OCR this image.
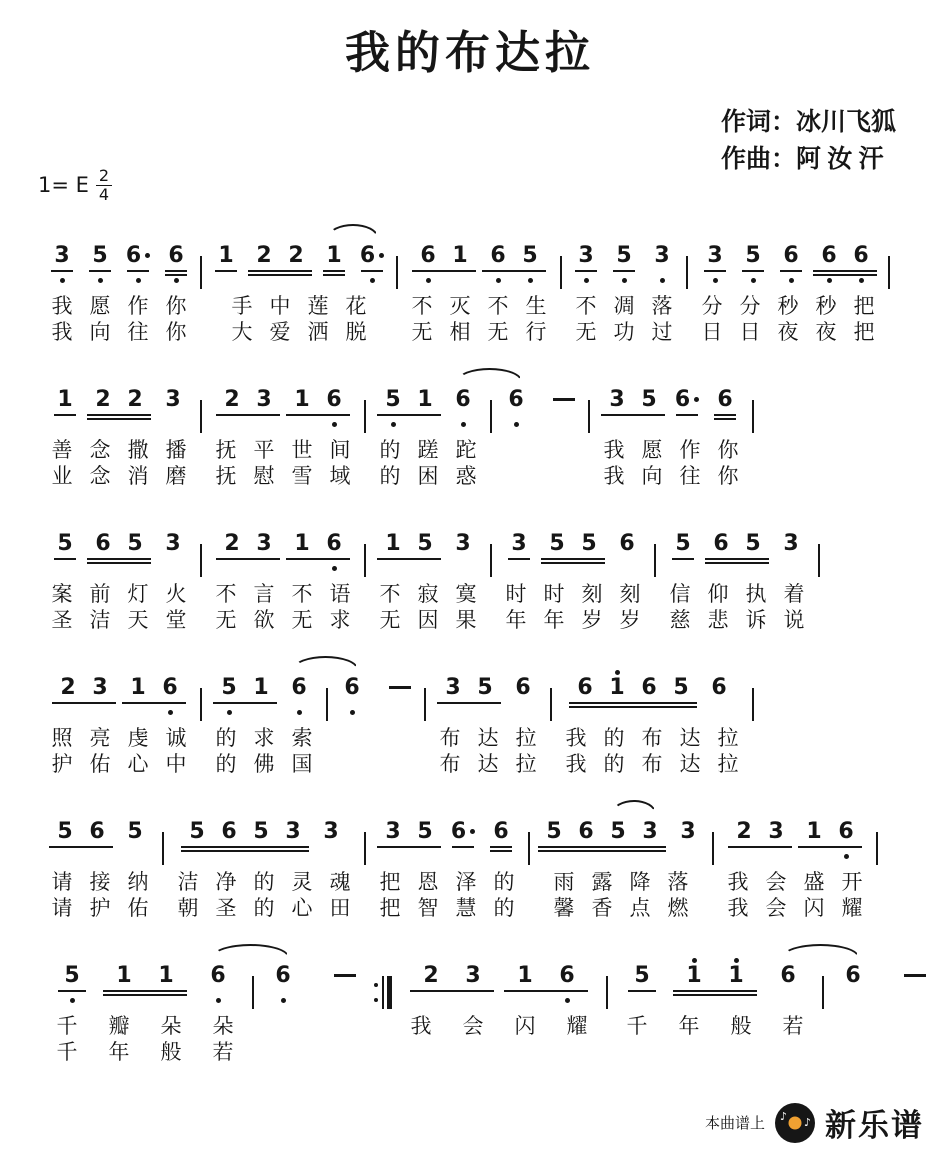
我的布达拉
作词：冰川飞狐
作曲：阿 汝 汗
1= E $\frac{2}{4}$
3 5 6 6
我 愿 作 你
我 向 往 你
1 2 2 1 6
手 中 莲 花
大 爱 洒 脱
6 1 6 5
不 灭 不 生
无 相 无 行
3 5 3
不 凋 落
无 功 过
3 5 6 6 6
分 分 秒 秒 把
日 日 夜 夜 把
1 2 2 3
善 念 撒 播
业 念 消 磨
2 3 1 6
抚 平 世 间
抚 慰 雪 域
5 1 6
的 蹉 跎
的 困 惑
6	3 5 6 6
我 愿 作 你
我 向 往 你
5 6 5 3
案 前 灯 火
圣 洁 天 堂
2 3 1 6
不 言 不 语
无 欲 无 求
1 5 3
不 寂 寞
无 因 果
3 5 5 6
时 时 刻 刻
年 年 岁 岁
5 6 5 3
信 仰 执 着
慈 悲 诉 说
2 3 1 6
照 亮 虔 诚
护 佑 心 中
5 1 6
的 求 索
的 佛 国
6	3 5 6
布 达 拉
布 达 拉
6 1 6 5 6
我 的 布 达 拉
我 的 布 达 拉
5 6 5
请 接 纳
请 护 佑
5 6 5 3 3
洁 净 的 灵 魂
朝 圣 的 心 田
3 5 6 6
把 恩 泽 的
把 智 慧 的
5 6 5 3 3
雨 露 降 落
馨 香 点 燃
2 3 1 6
我 会 盛 开
我 会 闪 耀
5 1 1 6
千	瓣	朵	朵
千	年	般	若
6	2 3 1 6
我	会	闪	耀
5 1 1 6
千	年	般	若
6
本曲谱上 ♪ ♪ 新乐谱
